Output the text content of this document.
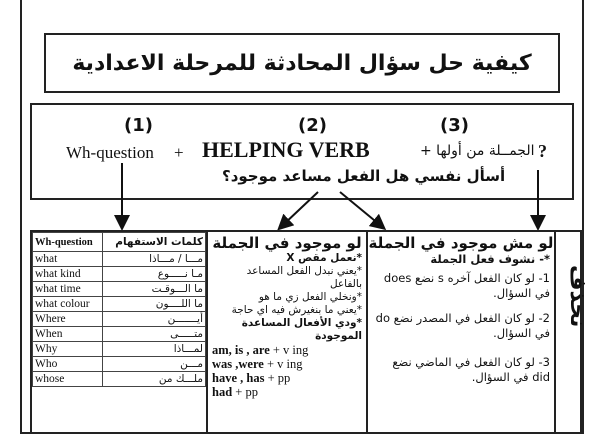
كيفية حل سؤال المحادثة للمرحلة الاعدادية
(1)	(2)	(3)
Wh-question + HELPING VERB	الجمــلة من أولها + ?
أسأل نفسي هل الفعل مساعد موجود؟
Wh-question	كلمات الاستفهام
what	مـــا / مـــاذا
what kind	مـا نـــــوع
what time	ما الـــوقـت
what colour	ما اللــــون
Where	أيـــــــن
When	متـــــى
Why	لمـــاذا
Who	مـــن
whose	ملـــك من
لو موجود في الجملة
*نعمل مقص X
*يعني نبدل الفعل المساعد بالفاعل
*ونخلي الفعل زي ما هو
*يعني ما بنغيرش فيه اي حاجة
*ودي الأفعال المساعدة الموجودة
am, is , are + v ing
was ,were + v ing
have , has + pp
had + pp
لو مش موجود في الجملة
*- نشوف فعل الجملة
1- لو كان الفعل آخره s نضع does في السؤال.
2- لو كان الفعل في المصدر نضع do في السؤال.
3- لو كان الفعل في الماضي نضع did في السؤال.
نحذف
